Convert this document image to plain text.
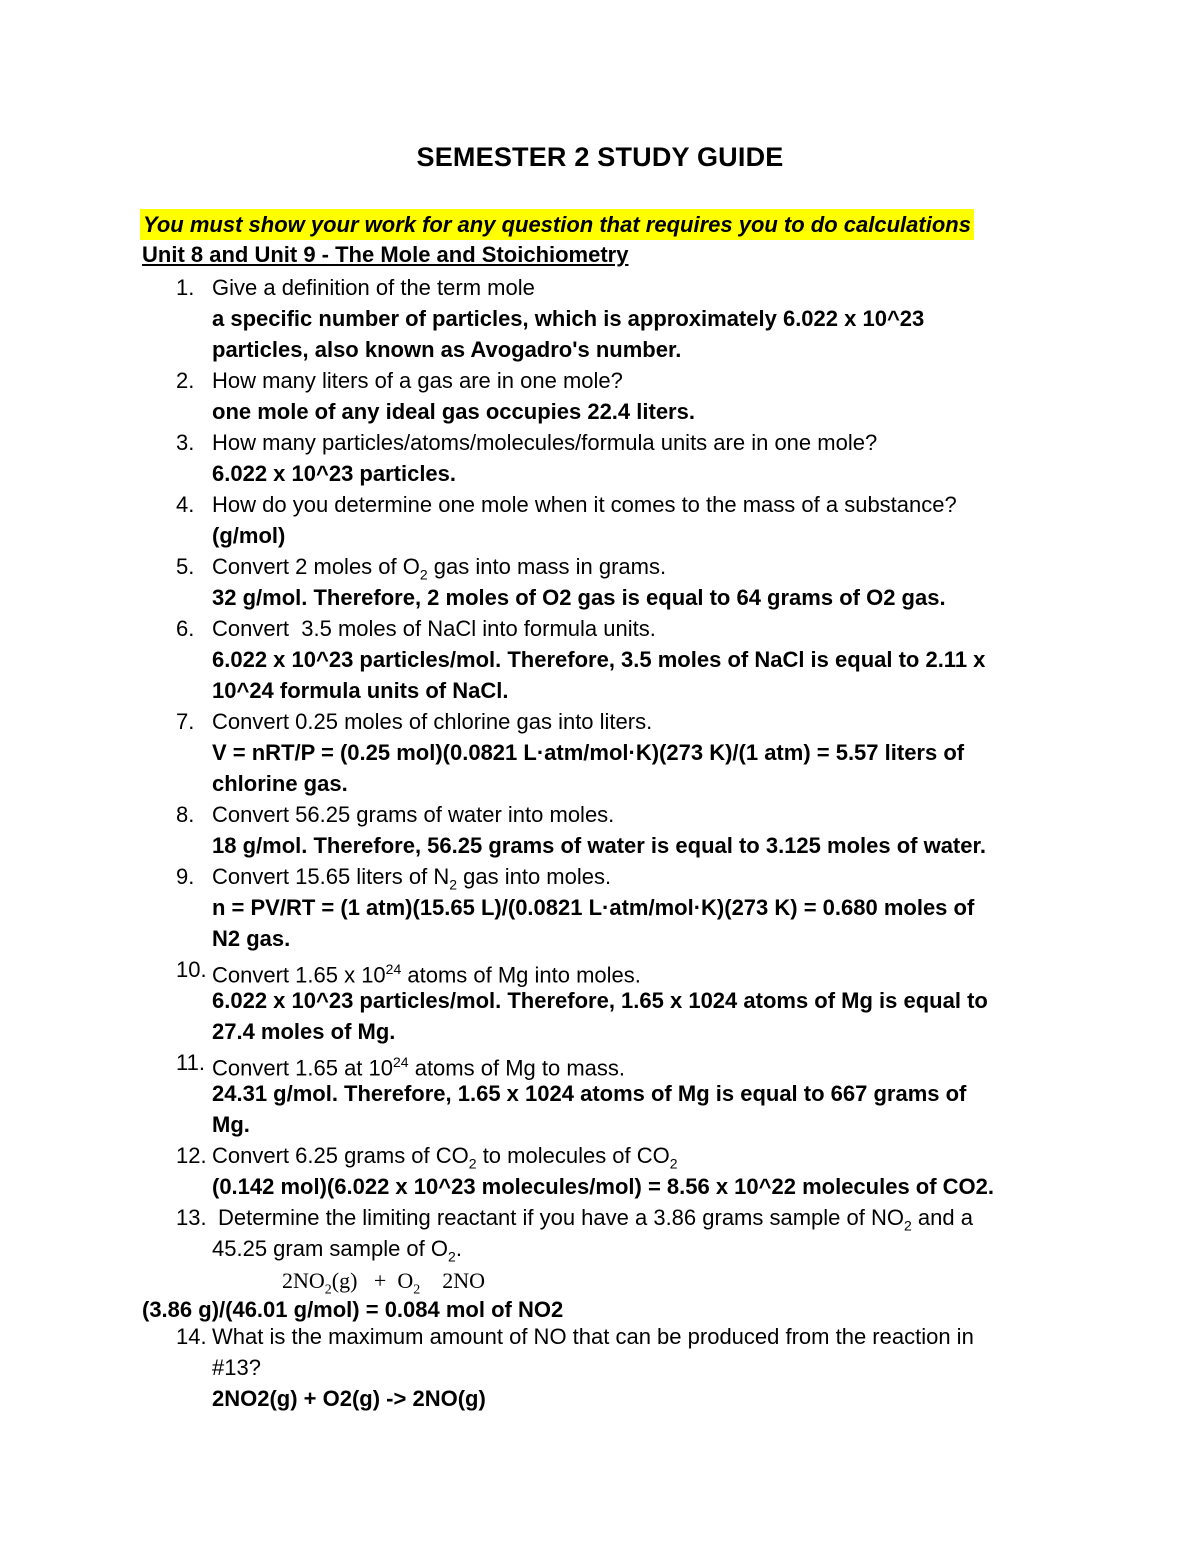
SEMESTER 2 STUDY GUIDE
You must show your work for any question that requires you to do calculations
Unit 8 and Unit 9 - The Mole and Stoichiometry
1. Give a definition of the term mole
a specific number of particles, which is approximately 6.022 x 10^23
particles, also known as Avogadro's number.
2. How many liters of a gas are in one mole?
one mole of any ideal gas occupies 22.4 liters.
3. How many particles/atoms/molecules/formula units are in one mole?
6.022 x 10^23 particles.
4. How do you determine one mole when it comes to the mass of a substance?
(g/mol)
5. Convert 2 moles of $O_2$ gas into mass in grams.
32 g/mol. Therefore, 2 moles of O2 gas is equal to 64 grams of O2 gas.
6. Convert  3.5 moles of NaCl into formula units.
6.022 x 10^23 particles/mol. Therefore, 3.5 moles of NaCl is equal to 2.11 x
10^24 formula units of NaCl.
7. Convert 0.25 moles of chlorine gas into liters.
V = nRT/P = (0.25 mol)(0.0821 L·atm/mol·K)(273 K)/(1 atm) = 5.57 liters of
chlorine gas.
8. Convert 56.25 grams of water into moles.
18 g/mol. Therefore, 56.25 grams of water is equal to 3.125 moles of water.
9. Convert 15.65 liters of $N_2$ gas into moles.
n = PV/RT = (1 atm)(15.65 L)/(0.0821 L·atm/mol·K)(273 K) = 0.680 moles of
N2 gas.
10. Convert 1.65 x $10^{24}$ atoms of Mg into moles.
6.022 x 10^23 particles/mol. Therefore, 1.65 x 1024 atoms of Mg is equal to
27.4 moles of Mg.
11. Convert 1.65 at $10^{24}$ atoms of Mg to mass.
24.31 g/mol. Therefore, 1.65 x 1024 atoms of Mg is equal to 667 grams of
Mg.
12. Convert 6.25 grams of $CO_2$ to molecules of $CO_2$
(0.142 mol)(6.022 x 10^23 molecules/mol) = 8.56 x 10^22 molecules of CO2.
13. Determine the limiting reactant if you have a 3.86 grams sample of $NO_2$ and a
45.25 gram sample of $O_2$.
$2NO_2(g) + O_2$    2NO
(3.86 g)/(46.01 g/mol) = 0.084 mol of NO2
14. What is the maximum amount of NO that can be produced from the reaction in
#13?
2NO2(g) + O2(g) -> 2NO(g)
